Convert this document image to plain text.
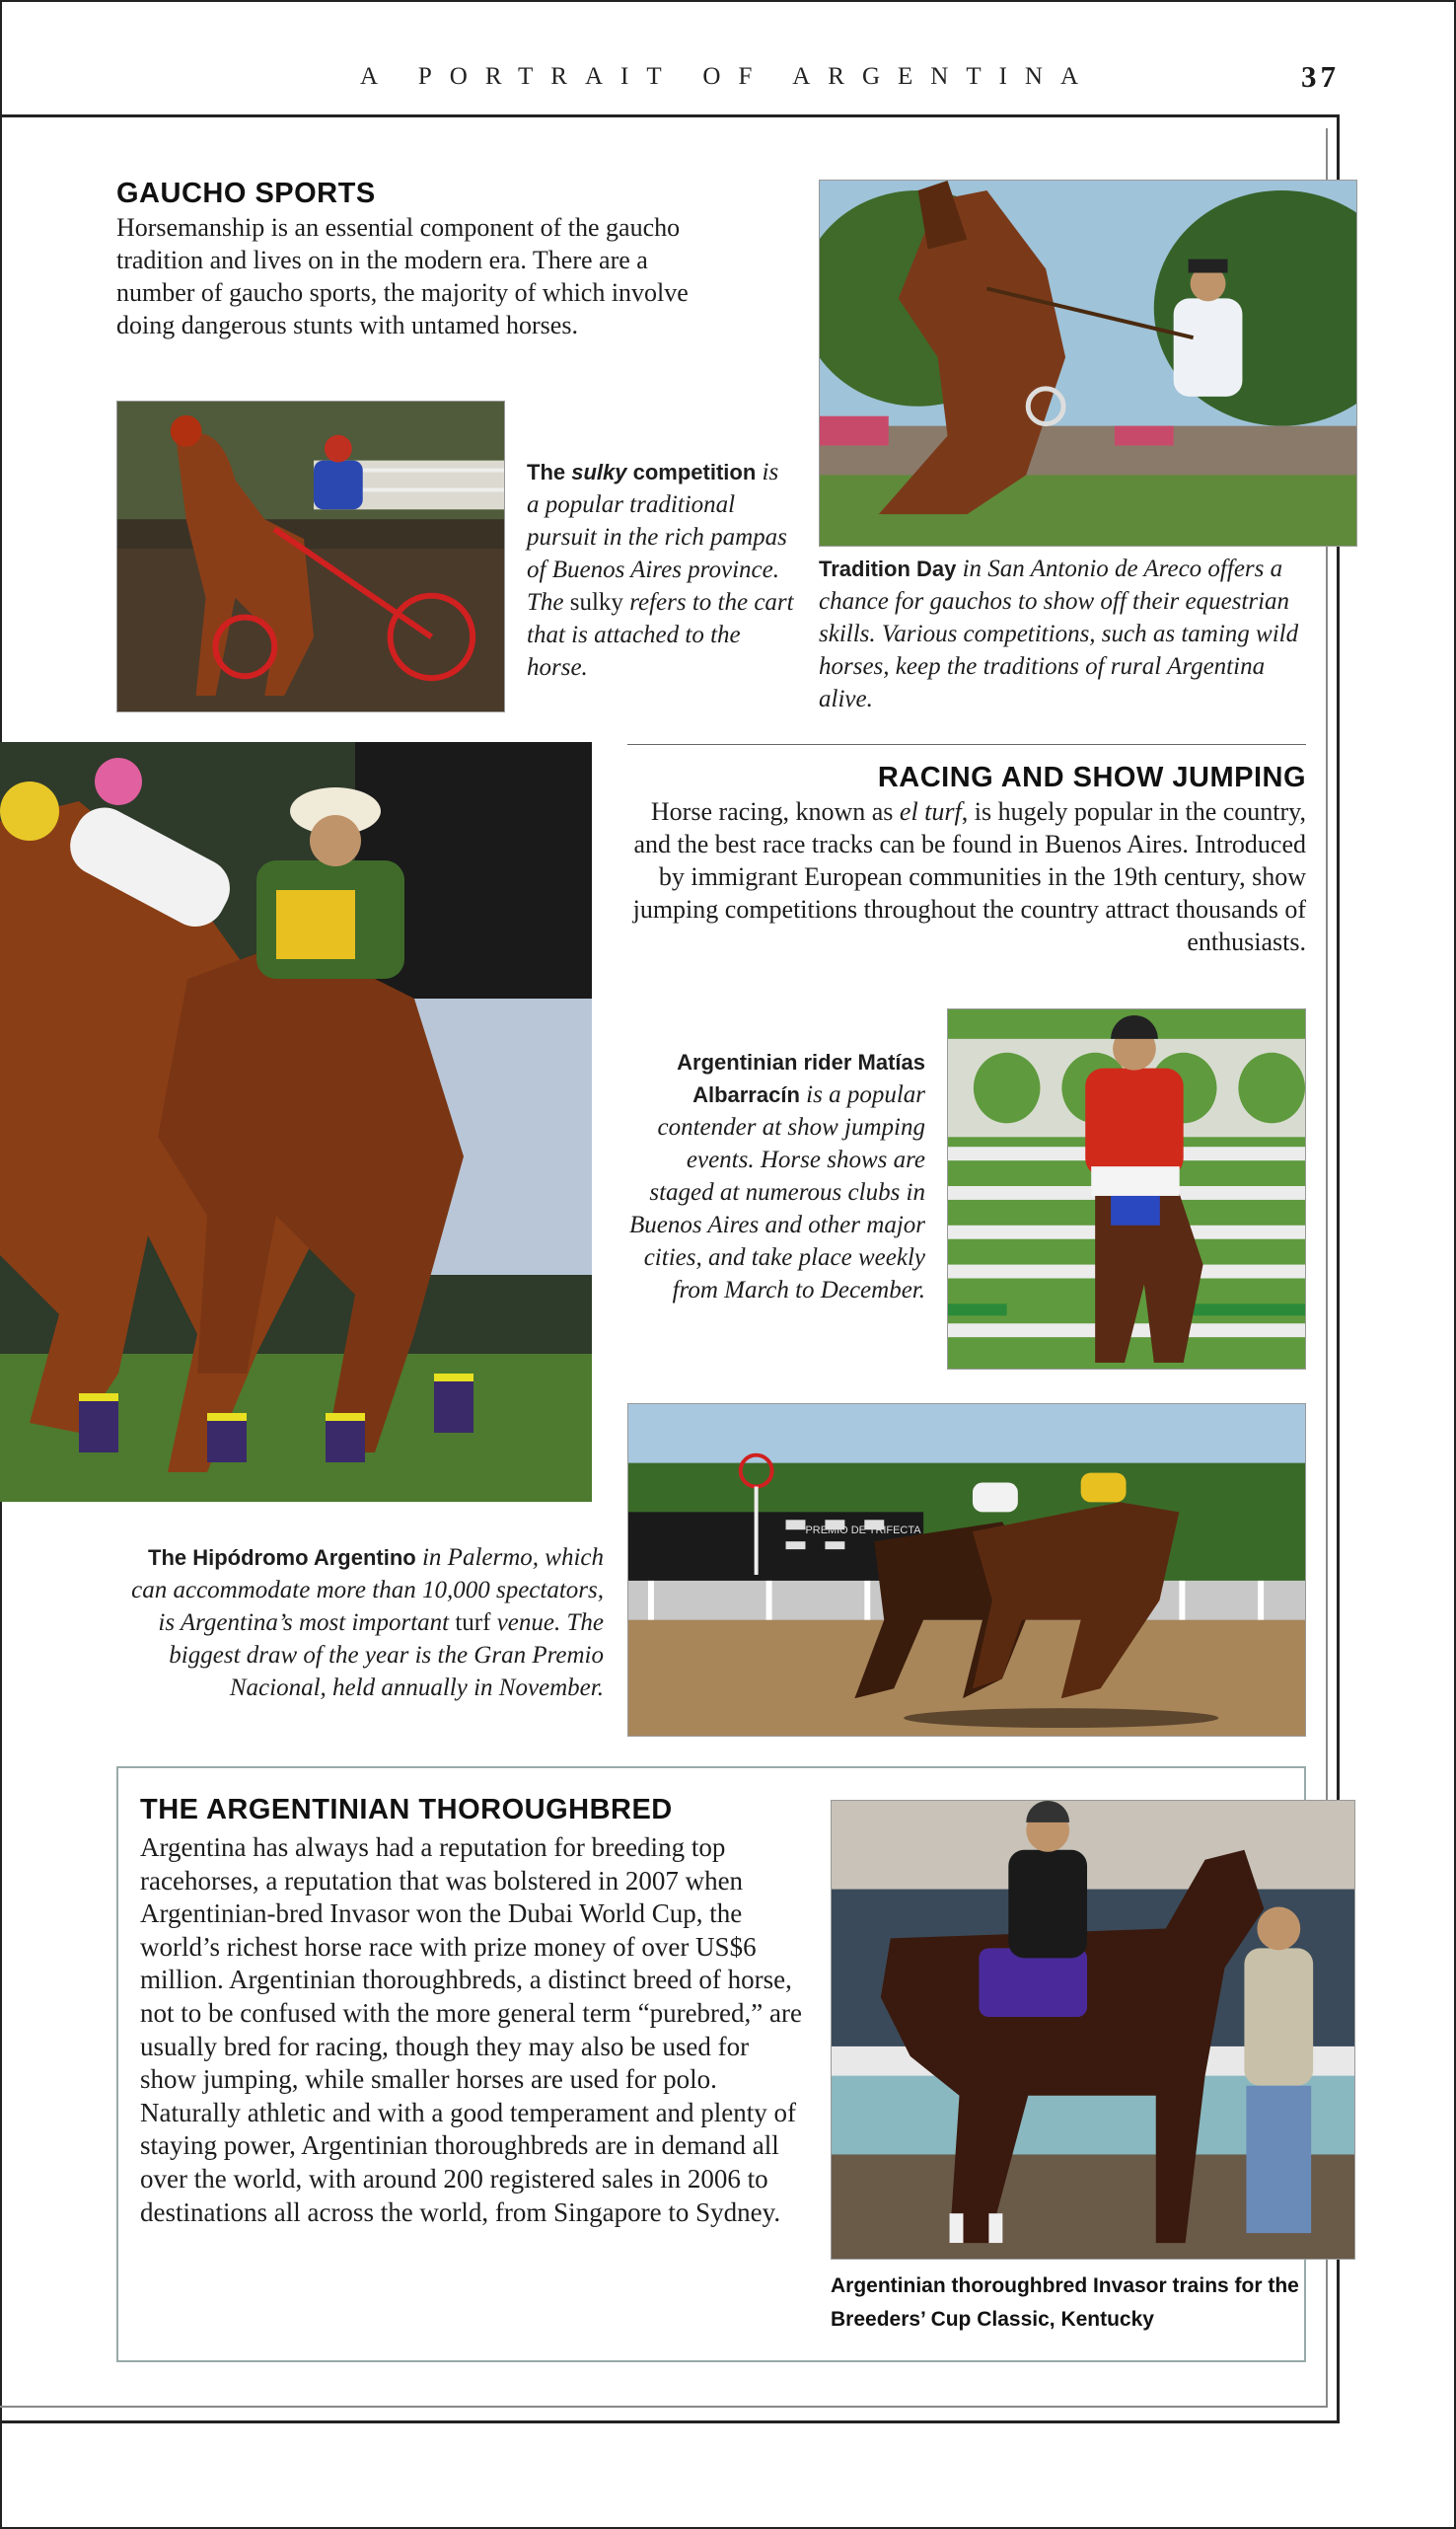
A PORTRAIT OF ARGENTINA	37
GAUCHO SPORTS
Horsemanship is an essential component of the gaucho tradition and lives on in the modern era. There are a number of gaucho sports, the majority of which involve doing dangerous stunts with untamed horses.
The sulky competition is a popular traditional pursuit in the rich pampas of Buenos Aires province. The sulky refers to the cart that is attached to the horse.
Tradition Day in San Antonio de Areco offers a chance for gauchos to show off their equestrian skills. Various competitions, such as taming wild horses, keep the traditions of rural Argentina alive.
RACING AND SHOW JUMPING
Horse racing, known as el turf, is hugely popular in the country, and the best race tracks can be found in Buenos Aires. Introduced by immigrant European communities in the 19th century, show jumping competitions throughout the country attract thousands of enthusiasts.
Argentinian rider Matías Albarracín is a popular contender at show jumping events. Horse shows are staged at numerous clubs in Buenos Aires and other major cities, and take place weekly from March to December.
PREMIO DE TRIFECTA
The Hipódromo Argentino in Palermo, which can accommodate more than 10,000 spectators, is Argentina’s most important turf venue. The biggest draw of the year is the Gran Premio Nacional, held annually in November.
THE ARGENTINIAN THOROUGHBRED
Argentina has always had a reputation for breeding top racehorses, a reputation that was bolstered in 2007 when Argentinian-bred Invasor won the Dubai World Cup, the world’s richest horse race with prize money of over US$6 million. Argentinian thoroughbreds, a distinct breed of horse, not to be confused with the more general term “purebred,” are usually bred for racing, though they may also be used for show jumping, while smaller horses are used for polo. Naturally athletic and with a good temperament and plenty of staying power, Argentinian thoroughbreds are in demand all over the world, with around 200 registered sales in 2006 to destinations all across the world, from Singapore to Sydney.
Argentinian thoroughbred Invasor trains for the Breeders’ Cup Classic, Kentucky
